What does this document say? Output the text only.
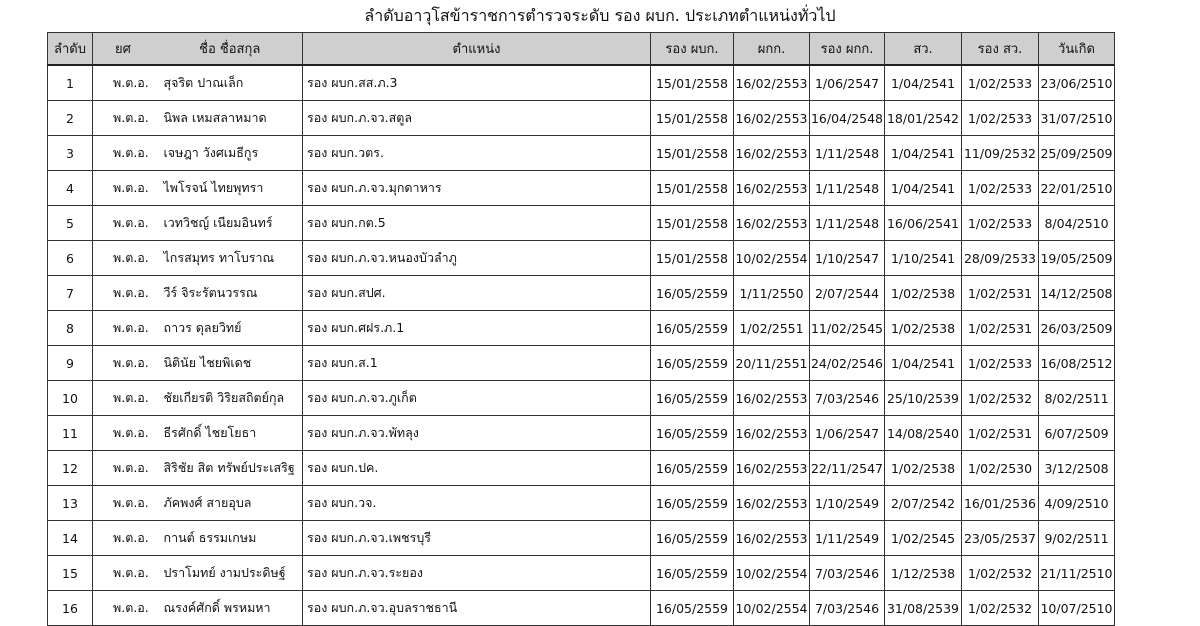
ลำดับอาวุโสข้าราชการตำรวจระดับ รอง ผบก. ประเภทตำแหน่งทั่วไป
ลำดับ	ยศ	ชื่อ ชื่อสกุล	ตำแหน่ง	รอง ผบก.	ผกก.	รอง ผกก.	สว.	รอง สว.	วันเกิด
1	พ.ต.อ.	สุจริต ปาณเล็ก	รอง ผบก.สส.ภ.3	15/01/2558	16/02/2553	1/06/2547	1/04/2541	1/02/2533	23/06/2510
2	พ.ต.อ.	นิพล เหมสลาหมาด	รอง ผบก.ภ.จว.สตูล	15/01/2558	16/02/2553	16/04/2548	18/01/2542	1/02/2533	31/07/2510
3	พ.ต.อ.	เจษฎา วังศเมธีกูร	รอง ผบก.วตร.	15/01/2558	16/02/2553	1/11/2548	1/04/2541	11/09/2532	25/09/2509
4	พ.ต.อ.	ไพโรจน์ ไทยพุทรา	รอง ผบก.ภ.จว.มุกดาหาร	15/01/2558	16/02/2553	1/11/2548	1/04/2541	1/02/2533	22/01/2510
5	พ.ต.อ.	เวทวิชญ์ เนียมอินทร์	รอง ผบก.กต.5	15/01/2558	16/02/2553	1/11/2548	16/06/2541	1/02/2533	8/04/2510
6	พ.ต.อ.	ไกรสมุทร ทาโบราณ	รอง ผบก.ภ.จว.หนองบัวลำภู	15/01/2558	10/02/2554	1/10/2547	1/10/2541	28/09/2533	19/05/2509
7	พ.ต.อ.	วีร์ จิระรัตนวรรณ	รอง ผบก.สปศ.	16/05/2559	1/11/2550	2/07/2544	1/02/2538	1/02/2531	14/12/2508
8	พ.ต.อ.	ถาวร ดุลยวิทย์	รอง ผบก.ศฝร.ภ.1	16/05/2559	1/02/2551	11/02/2545	1/02/2538	1/02/2531	26/03/2509
9	พ.ต.อ.	นิตินัย ไชยพิเดช	รอง ผบก.ส.1	16/05/2559	20/11/2551	24/02/2546	1/04/2541	1/02/2533	16/08/2512
10	พ.ต.อ.	ชัยเกียรติ วิริยสถิตย์กุล	รอง ผบก.ภ.จว.ภูเก็ต	16/05/2559	16/02/2553	7/03/2546	25/10/2539	1/02/2532	8/02/2511
11	พ.ต.อ.	ธีรศักดิ์ ไชยโยธา	รอง ผบก.ภ.จว.พัทลุง	16/05/2559	16/02/2553	1/06/2547	14/08/2540	1/02/2531	6/07/2509
12	พ.ต.อ.	สิริชัย สิต ทรัพย์ประเสริฐ	รอง ผบก.ปค.	16/05/2559	16/02/2553	22/11/2547	1/02/2538	1/02/2530	3/12/2508
13	พ.ต.อ.	ภัคพงศ์ สายอุบล	รอง ผบก.วจ.	16/05/2559	16/02/2553	1/10/2549	2/07/2542	16/01/2536	4/09/2510
14	พ.ต.อ.	กานต์ ธรรมเกษม	รอง ผบก.ภ.จว.เพชรบุรี	16/05/2559	16/02/2553	1/11/2549	1/02/2545	23/05/2537	9/02/2511
15	พ.ต.อ.	ปราโมทย์ งามประดิษฐ์	รอง ผบก.ภ.จว.ระยอง	16/05/2559	10/02/2554	7/03/2546	1/12/2538	1/02/2532	21/11/2510
16	พ.ต.อ.	ณรงค์ศักดิ์ พรหมหา	รอง ผบก.ภ.จว.อุบลราชธานี	16/05/2559	10/02/2554	7/03/2546	31/08/2539	1/02/2532	10/07/2510
